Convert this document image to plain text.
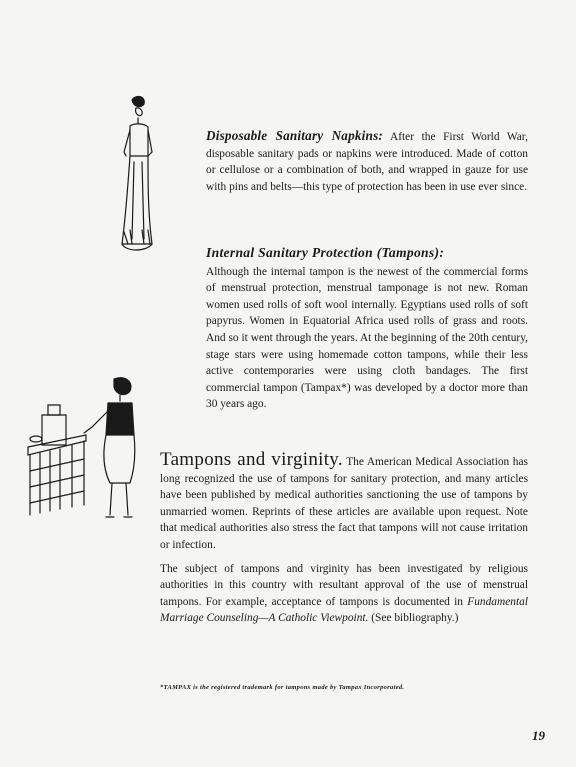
Disposable Sanitary Napkins: After the First World War, disposable sanitary pads or napkins were introduced. Made of cotton or cellulose or a combination of both, and wrapped in gauze for use with pins and belts—this type of protection has been in use ever since.

Internal Sanitary Protection (Tampons):

Although the internal tampon is the newest of the commercial forms of menstrual protection, menstrual tamponage is not new. Roman women used rolls of soft wool internally. Egyptians used rolls of soft papyrus. Women in Equatorial Africa used rolls of grass and roots. And so it went through the years. At the beginning of the 20th century, stage stars were using homemade cotton tampons, while their less active contemporaries were using cloth bandages. The first commercial tampon (Tampax*) was developed by a doctor more than 30 years ago.

Tampons and virginity. The American Medical Association has long recognized the use of tampons for sanitary protection, and many articles have been published by medical authorities sanctioning the use of tampons by unmarried women. Reprints of these articles are available upon request. Note that medical authorities also stress the fact that tampons will not cause irritation or infection.

The subject of tampons and virginity has been investigated by religious authorities in this country with resultant approval of the use of menstrual tampons. For example, acceptance of tampons is documented in Fundamental Marriage Counseling—A Catholic Viewpoint. (See bibliography.)

*TAMPAX is the registered trademark for tampons made by Tampax Incorporated.
19
